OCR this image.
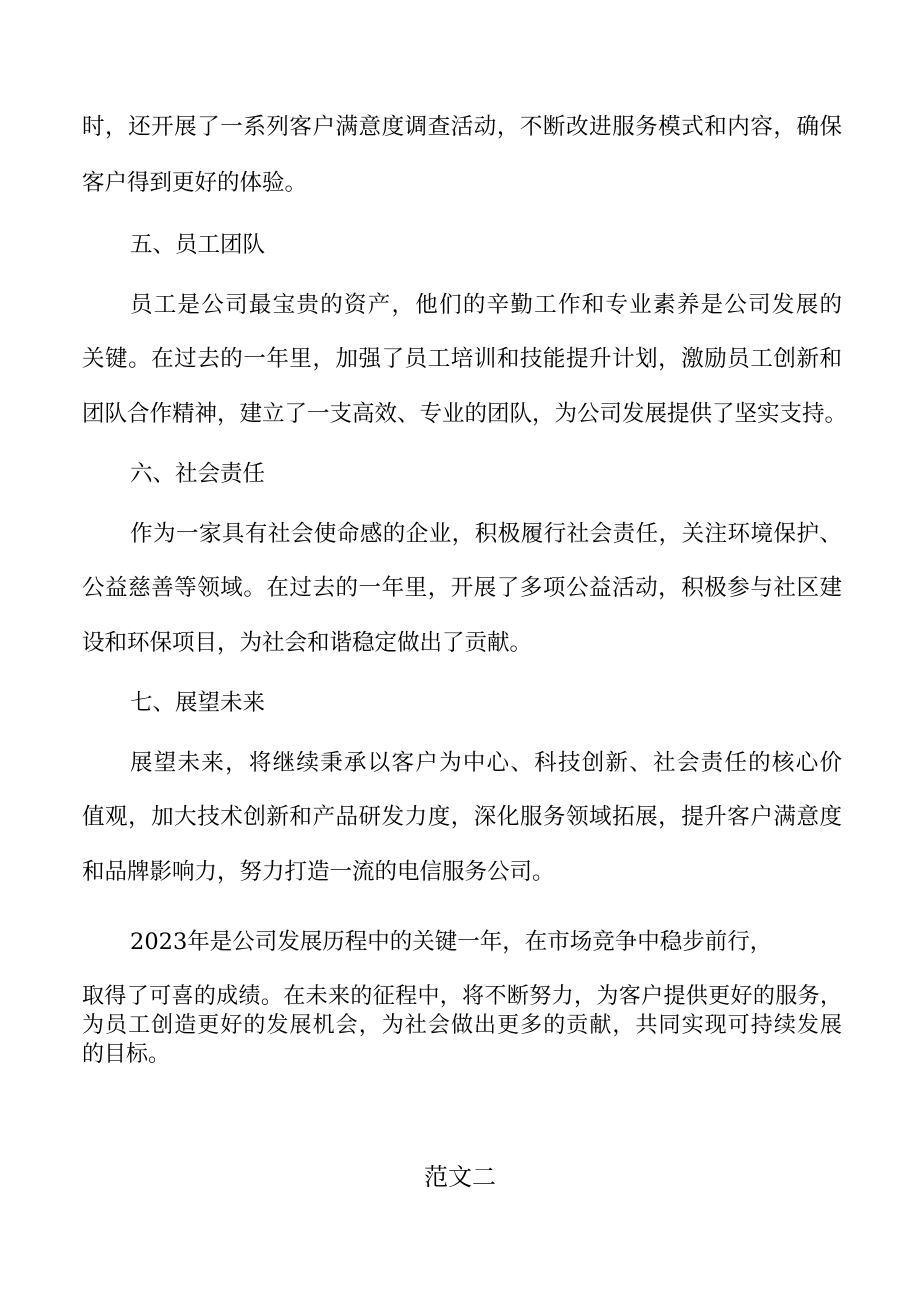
时，还开展了一系列客户满意度调查活动，不断改进服务模式和内容，确保
客户得到更好的体验。
五、员工团队
员工是公司最宝贵的资产，他们的辛勤工作和专业素养是公司发展的
关键。在过去的一年里，加强了员工培训和技能提升计划，激励员工创新和
团队合作精神，建立了一支高效、专业的团队，为公司发展提供了坚实支持。
六、社会责任
作为一家具有社会使命感的企业，积极履行社会责任，关注环境保护、
公益慈善等领域。在过去的一年里，开展了多项公益活动，积极参与社区建
设和环保项目，为社会和谐稳定做出了贡献。
七、展望未来
展望未来，将继续秉承以客户为中心、科技创新、社会责任的核心价
值观，加大技术创新和产品研发力度，深化服务领域拓展，提升客户满意度
和品牌影响力，努力打造一流的电信服务公司。
2023年是公司发展历程中的关键一年，在市场竞争中稳步前行，
取得了可喜的成绩。在未来的征程中，将不断努力，为客户提供更好的服务，
为员工创造更好的发展机会，为社会做出更多的贡献，共同实现可持续发展
的目标。
范文二
